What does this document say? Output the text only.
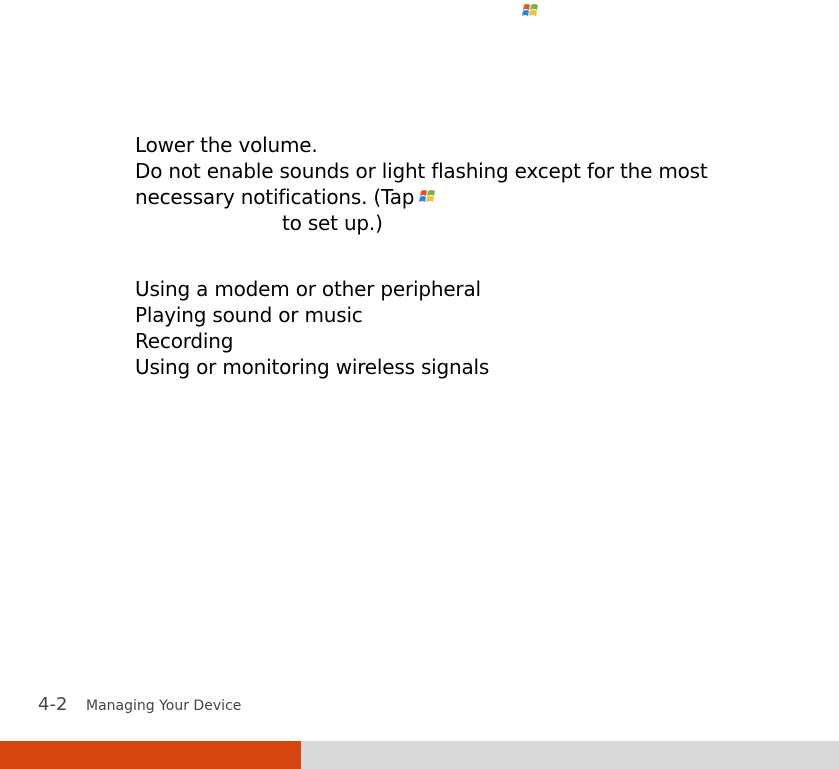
Lower the volume.
Do not enable sounds or light flashing except for the most
necessary notifications. (Tap
to set up.)
Using a modem or other peripheral
Playing sound or music
Recording
Using or monitoring wireless signals
4-2 Managing Your Device
